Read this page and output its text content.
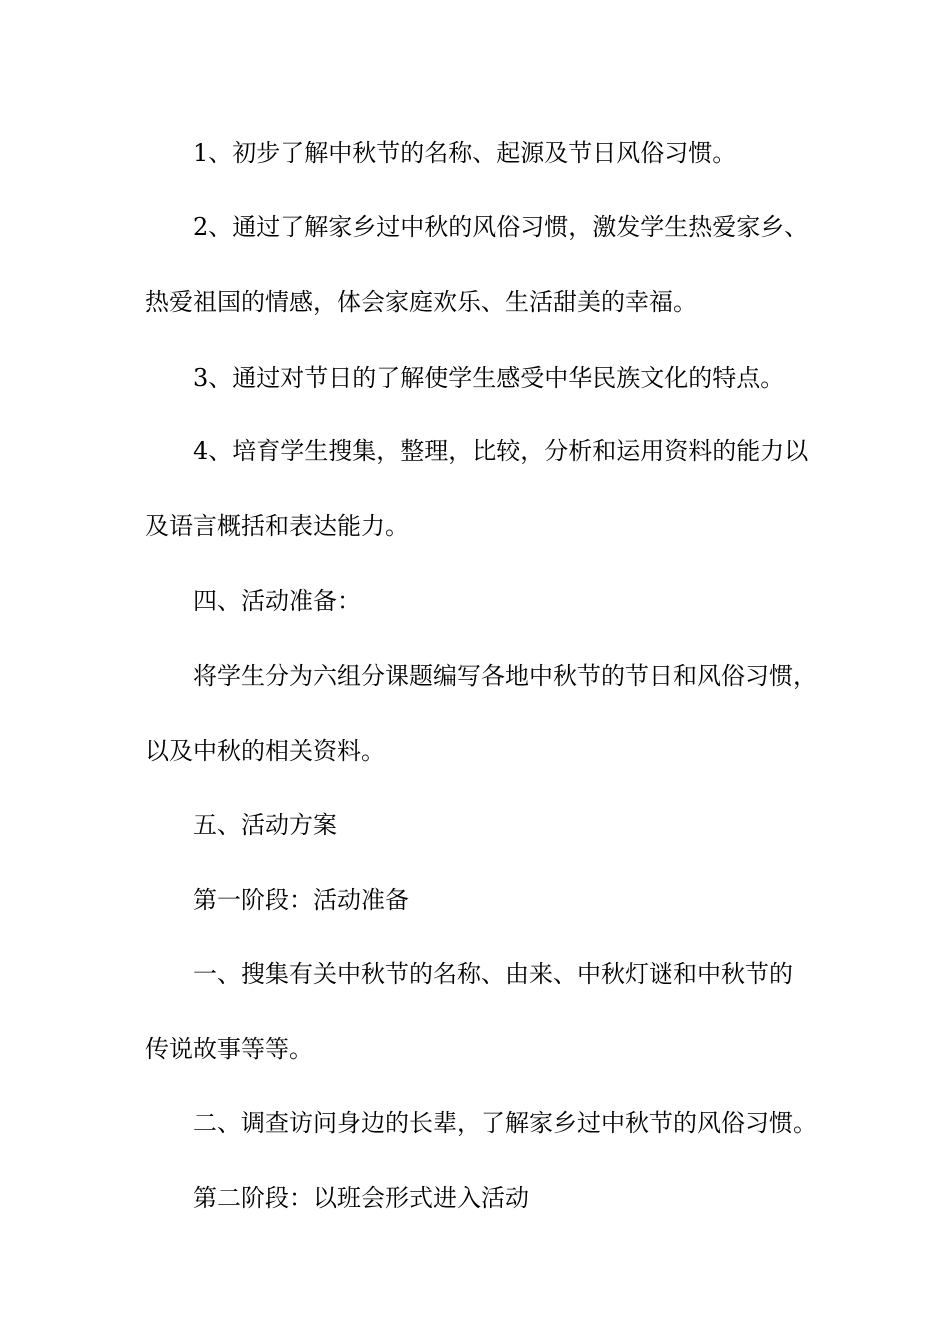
1、初步了解中秋节的名称、起源及节日风俗习惯。

2、通过了解家乡过中秋的风俗习惯，激发学生热爱家乡、

热爱祖国的情感，体会家庭欢乐、生活甜美的幸福。

3、通过对节日的了解使学生感受中华民族文化的特点。

4、培育学生搜集，整理，比较，分析和运用资料的能力以

及语言概括和表达能力。

四、活动准备：

将学生分为六组分课题编写各地中秋节的节日和风俗习惯，

以及中秋的相关资料。

五、活动方案

第一阶段：活动准备

一、搜集有关中秋节的名称、由来、中秋灯谜和中秋节的

传说故事等等。

二、调查访问身边的长辈，了解家乡过中秋节的风俗习惯。

第二阶段：以班会形式进入活动
